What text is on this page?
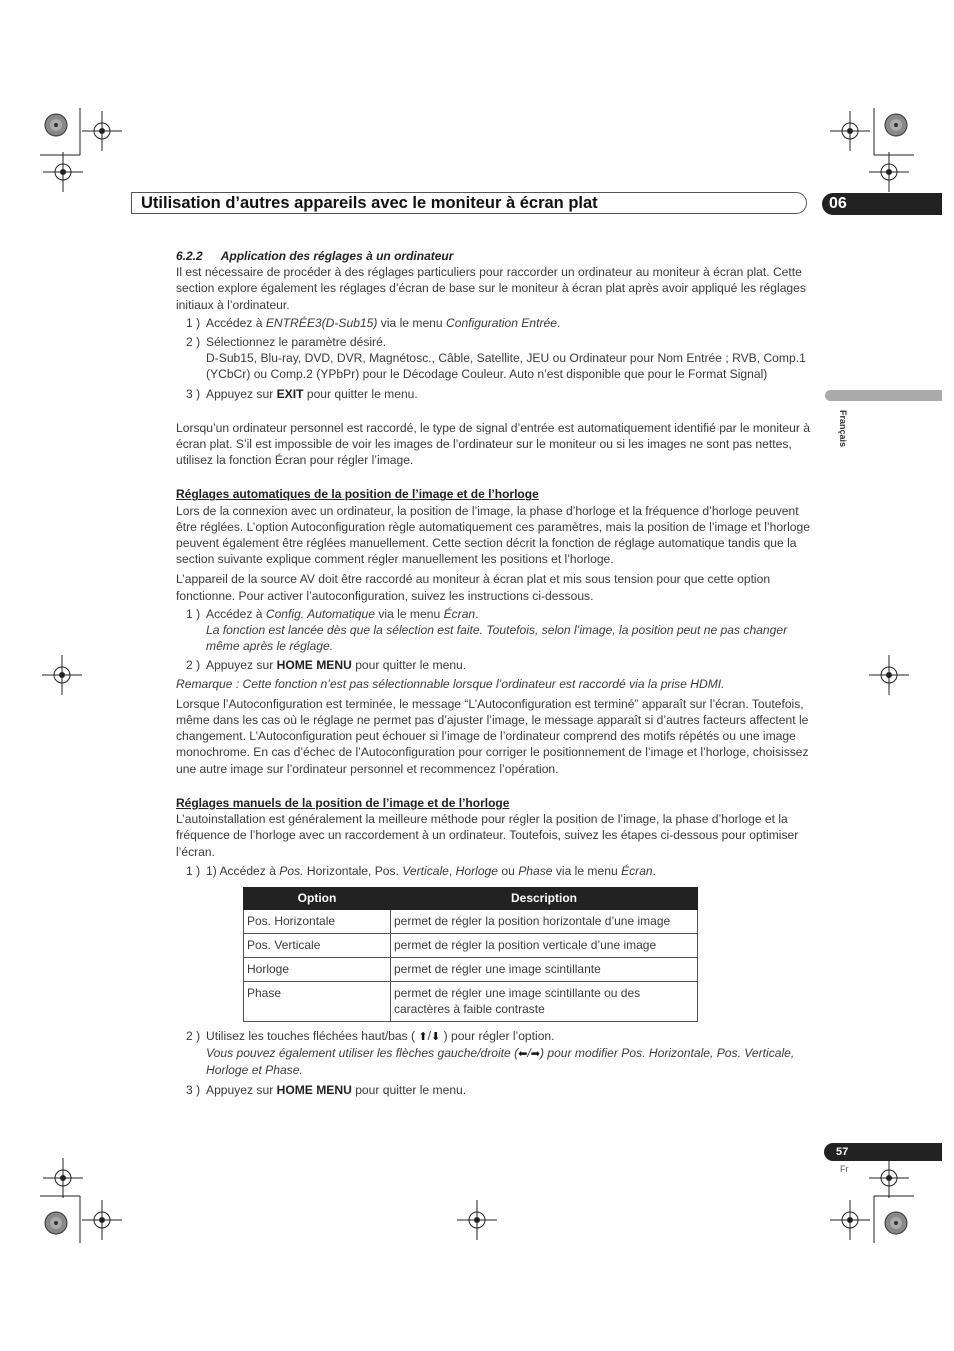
Utilisation d’autres appareils avec le moniteur à écran plat	06
Français
57
Fr

6.2.2 Application des réglages à un ordinateur

Il est nécessaire de procéder à des réglages particuliers pour raccorder un ordinateur au moniteur à écran plat. Cette section explore également les réglages d’écran de base sur le moniteur à écran plat après avoir appliqué les réglages initiaux à l’ordinateur.

1 ) Accédez à ENTRÉE3(D-Sub15) via le menu Configuration Entrée.

2 ) Sélectionnez le paramètre désiré.
D-Sub15, Blu-ray, DVD, DVR, Magnétosc., Câble, Satellite, JEU ou Ordinateur pour Nom Entrée ; RVB, Comp.1 (YCbCr) ou Comp.2 (YPbPr) pour le Décodage Couleur. Auto n’est disponible que pour le Format Signal)

3 ) Appuyez sur EXIT pour quitter le menu.

Lorsqu’un ordinateur personnel est raccordé, le type de signal d’entrée est automatiquement identifié par le moniteur à écran plat. S’il est impossible de voir les images de l’ordinateur sur le moniteur ou si les images ne sont pas nettes, utilisez la fonction Écran pour régler l’image.

Réglages automatiques de la position de l’image et de l’horloge

Lors de la connexion avec un ordinateur, la position de l’image, la phase d’horloge et la fréquence d’horloge peuvent être réglées. L’option Autoconfiguration règle automatiquement ces paramètres, mais la position de l’image et l’horloge peuvent également être réglées manuellement. Cette section décrit la fonction de réglage automatique tandis que la section suivante explique comment régler manuellement les positions et l’horloge.

L’appareil de la source AV doit être raccordé au moniteur à écran plat et mis sous tension pour que cette option fonctionne. Pour activer l’autoconfiguration, suivez les instructions ci-dessous.

1 ) Accédez à Config. Automatique via le menu Écran.
La fonction est lancée dès que la sélection est faite. Toutefois, selon l’image, la position peut ne pas changer même après le réglage.

2 ) Appuyez sur HOME MENU pour quitter le menu.

Remarque : Cette fonction n’est pas sélectionnable lorsque l’ordinateur est raccordé via la prise HDMI.

Lorsque l’Autoconfiguration est terminée, le message “L’Autoconfiguration est terminé” apparaît sur l’écran. Toutefois, même dans les cas où le réglage ne permet pas d’ajuster l’image, le message apparaît si d’autres facteurs affectent le changement. L’Autoconfiguration peut échouer si l’image de l’ordinateur comprend des motifs répétés ou une image monochrome. En cas d’échec de l’Autoconfiguration pour corriger le positionnement de l’image et l’horloge, choisissez une autre image sur l’ordinateur personnel et recommencez l’opération.

Réglages manuels de la position de l’image et de l’horloge

L’autoinstallation est généralement la meilleure méthode pour régler la position de l’image, la phase d’horloge et la fréquence de l’horloge avec un raccordement à un ordinateur. Toutefois, suivez les étapes ci-dessous pour optimiser l’écran.

1 ) 1) Accédez à Pos. Horizontale, Pos. Verticale, Horloge ou Phase via le menu Écran.

Option	Description
Pos. Horizontale	permet de régler la position horizontale d’une image
Pos. Verticale	permet de régler la position verticale d’une image
Horloge	permet de régler une image scintillante
Phase	permet de régler une image scintillante ou des caractères à faible contraste

2 ) Utilisez les touches fléchées haut/bas ( ⬆/⬇ ) pour régler l’option.
Vous pouvez également utiliser les flèches gauche/droite (⬅/➡) pour modifier Pos. Horizontale, Pos. Verticale, Horloge et Phase.

3 ) Appuyez sur HOME MENU pour quitter le menu.
